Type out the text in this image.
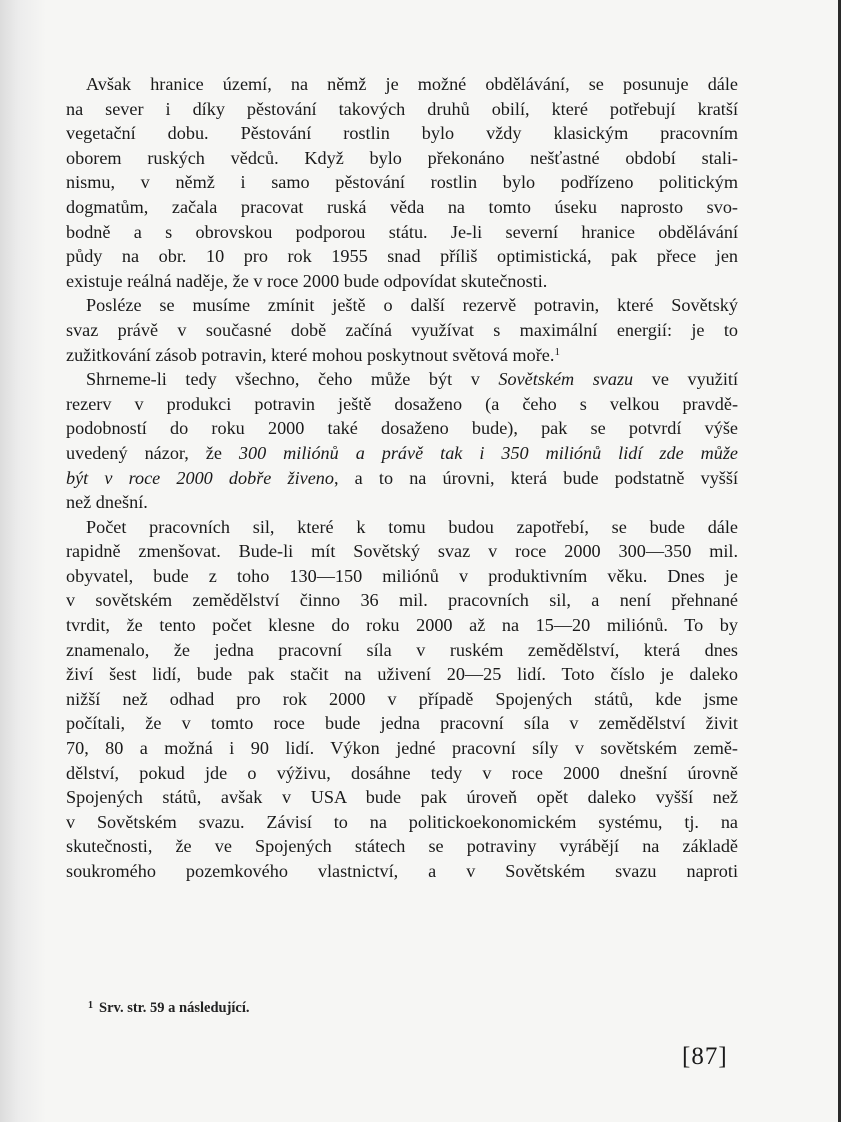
Avšak hranice území, na němž je možné obdělávání, se posunuje dále
na sever i díky pěstování takových druhů obilí, které potřebují kratší
vegetační dobu. Pěstování rostlin bylo vždy klasickým pracovním
oborem ruských vědců. Když bylo překonáno nešťastné období stali-
nismu, v němž i samo pěstování rostlin bylo podřízeno politickým
dogmatům, začala pracovat ruská věda na tomto úseku naprosto svo-
bodně a s obrovskou podporou státu. Je-li severní hranice obdělávání
půdy na obr. 10 pro rok 1955 snad příliš optimistická, pak přece jen
existuje reálná naděje, že v roce 2000 bude odpovídat skutečnosti.
Posléze se musíme zmínit ještě o další rezervě potravin, které Sovětský
svaz právě v současné době začíná využívat s maximální energií: je to
zužitkování zásob potravin, které mohou poskytnout světová moře.$^1$
Shrneme-li tedy všechno, čeho může být v Sovětském svazu ve využití
rezerv v produkci potravin ještě dosaženo (a čeho s velkou pravdě-
podobností do roku 2000 také dosaženo bude), pak se potvrdí výše
uvedený názor, že 300 miliónů a právě tak i 350 miliónů lidí zde může
být v roce 2000 dobře živeno, a to na úrovni, která bude podstatně vyšší
než dnešní.
Počet pracovních sil, které k tomu budou zapotřebí, se bude dále
rapidně zmenšovat. Bude-li mít Sovětský svaz v roce 2000 300—350 mil.
obyvatel, bude z toho 130—150 miliónů v produktivním věku. Dnes je
v sovětském zemědělství činno 36 mil. pracovních sil, a není přehnané
tvrdit, že tento počet klesne do roku 2000 až na 15—20 miliónů. To by
znamenalo, že jedna pracovní síla v ruském zemědělství, která dnes
živí šest lidí, bude pak stačit na uživení 20—25 lidí. Toto číslo je daleko
nižší než odhad pro rok 2000 v případě Spojených států, kde jsme
počítali, že v tomto roce bude jedna pracovní síla v zemědělství živit
70, 80 a možná i 90 lidí. Výkon jedné pracovní síly v sovětském země-
dělství, pokud jde o výživu, dosáhne tedy v roce 2000 dnešní úrovně
Spojených států, avšak v USA bude pak úroveň opět daleko vyšší než
v Sovětském svazu. Závisí to na politickoekonomickém systému, tj. na
skutečnosti, že ve Spojených státech se potraviny vyrábějí na základě
soukromého pozemkového vlastnictví, a v Sovětském svazu naproti
$^1$ Srv. str. 59 a následující.
[87]
